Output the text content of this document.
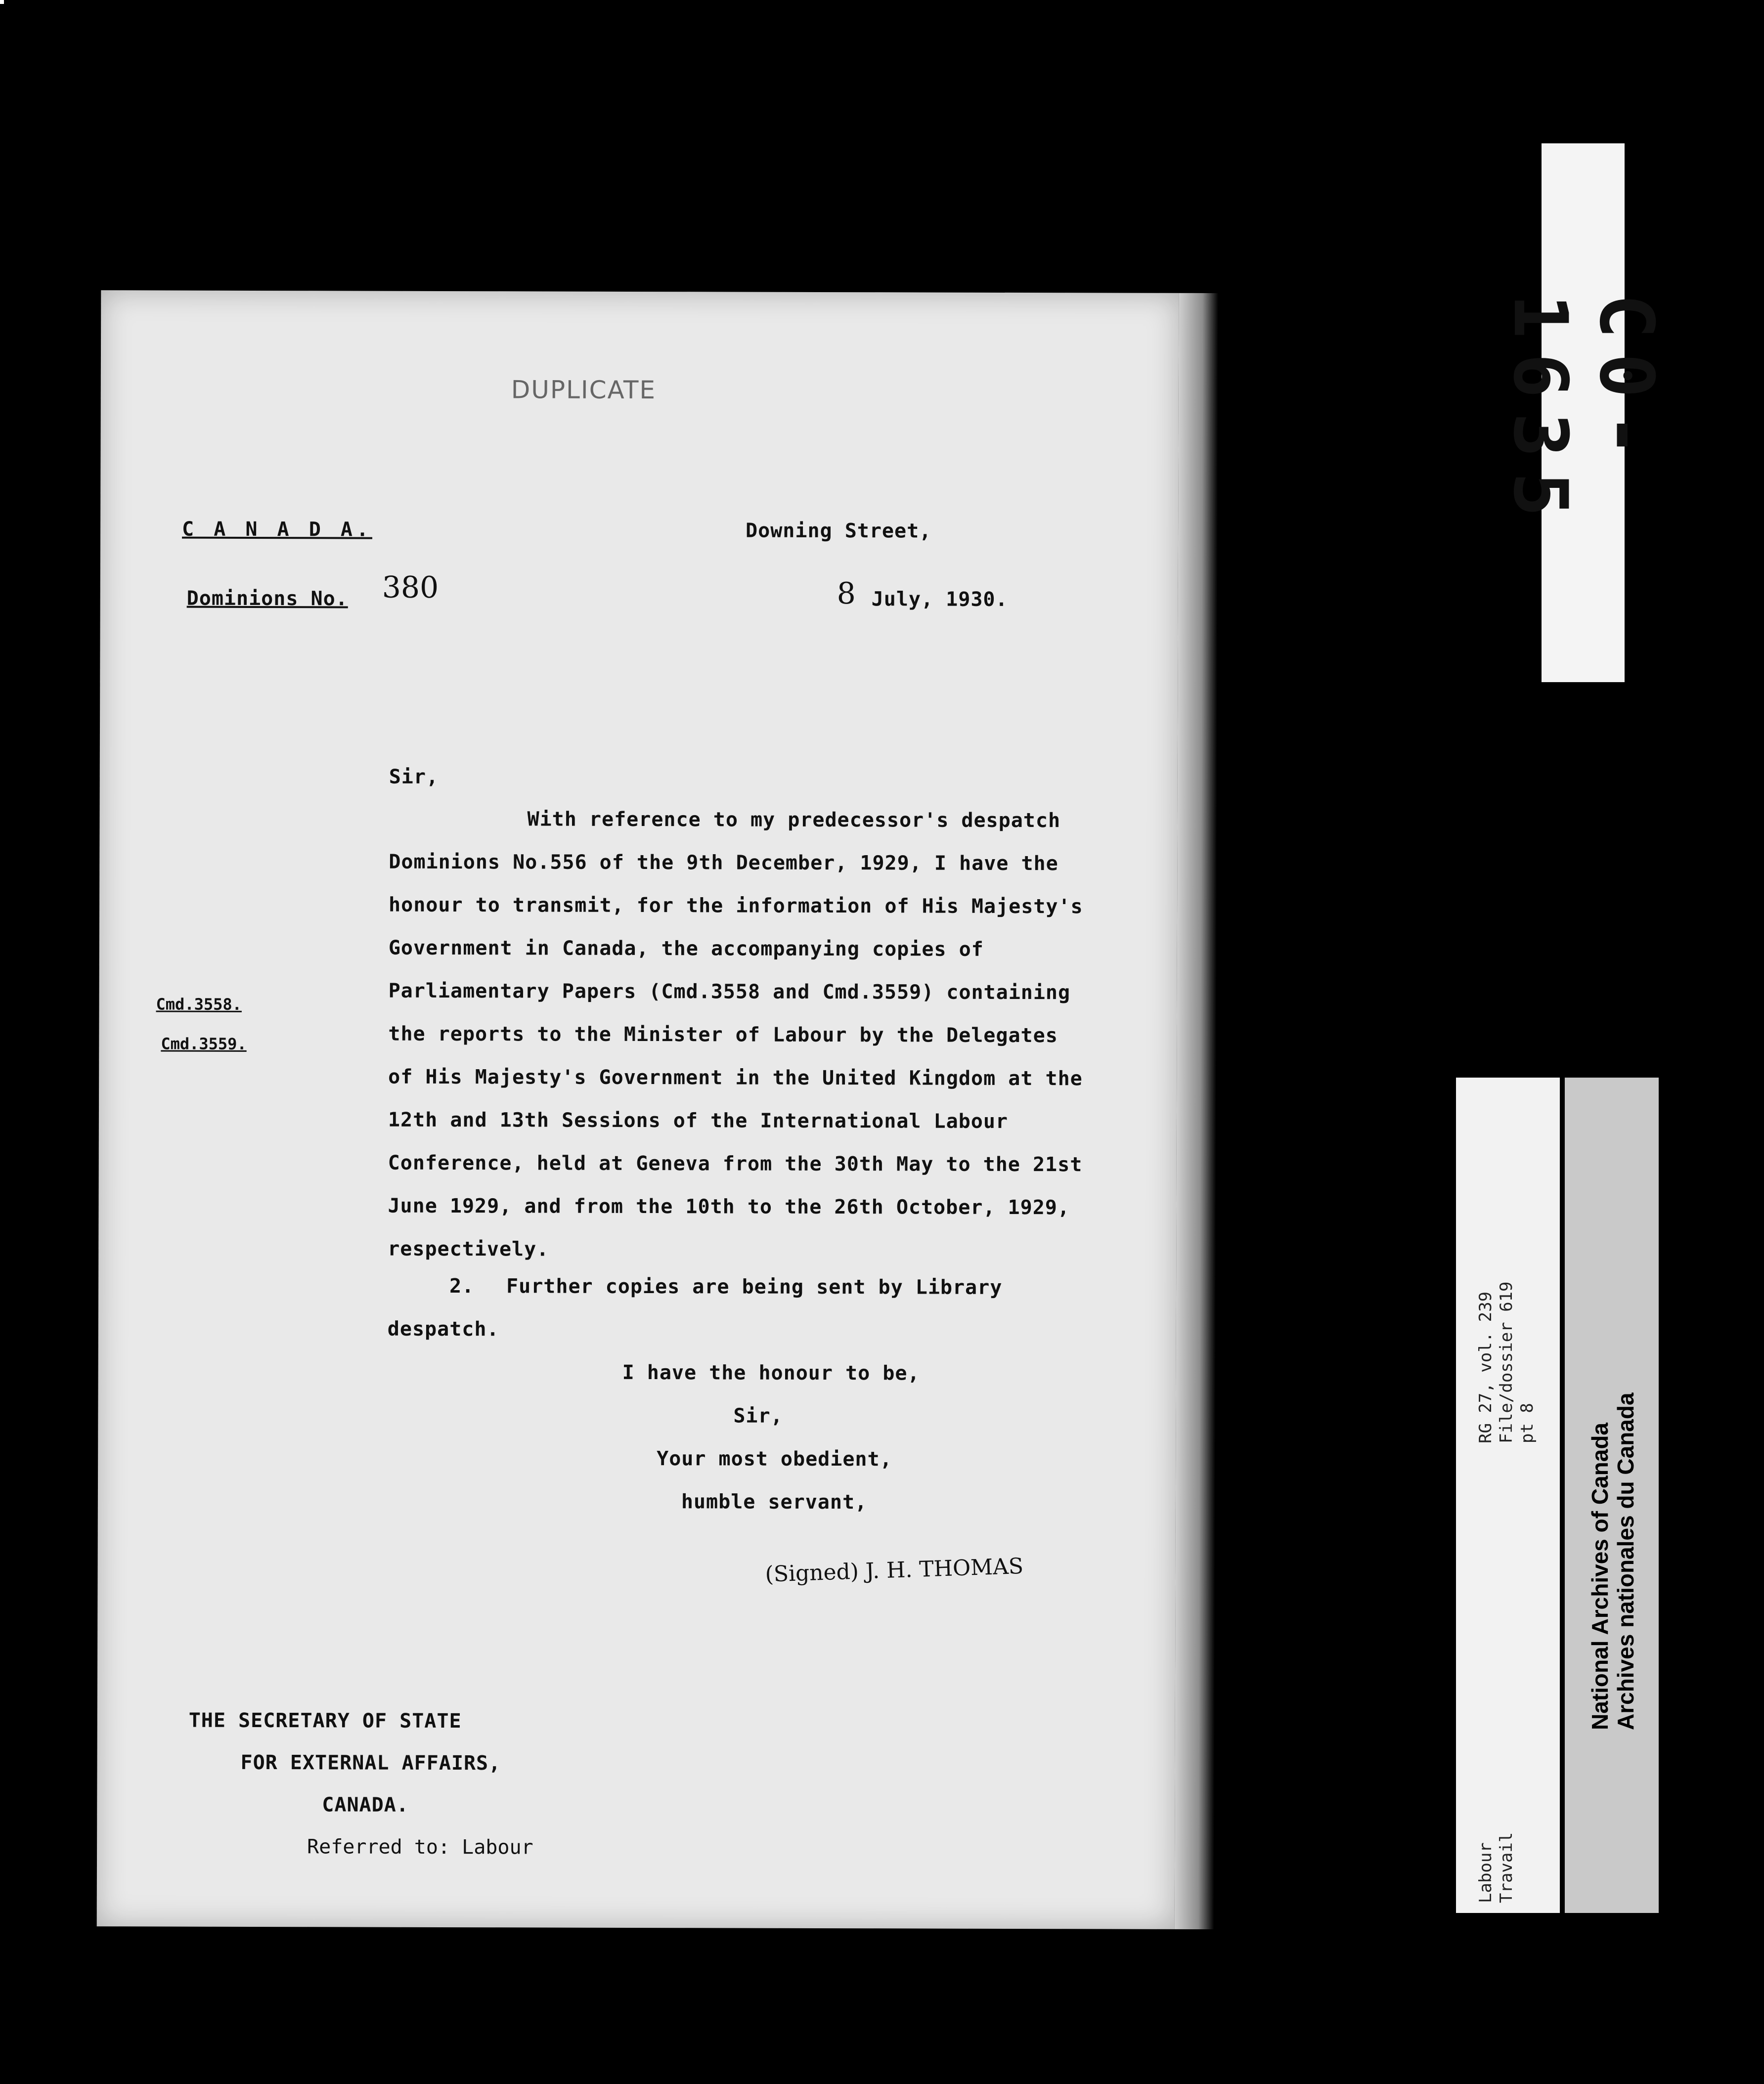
DUPLICATE
C A N A D A.
Dominions No. 380
Downing Street,
8 July, 1930.
Sir,
With reference to my predecessor's despatch
Dominions No.556 of the 9th December, 1929, I have the
honour to transmit, for the information of His Majesty's
Government in Canada, the accompanying copies of
Parliamentary Papers (Cmd.3558 and Cmd.3559) containing
the reports to the Minister of Labour by the Delegates
of His Majesty's Government in the United Kingdom at the
12th and 13th Sessions of the International Labour
Conference, held at Geneva from the 30th May to the 21st
June 1929, and from the 10th to the 26th October, 1929,
respectively.
Cmd.3558.
Cmd.3559.
2. Further copies are being sent by Library
despatch.
I have the honour to be,
Sir,
Your most obedient,
humble servant,
(Signed) J. H. THOMAS
THE SECRETARY OF STATE
FOR EXTERNAL AFFAIRS,
CANADA.
Referred to: Labour
C0-1635
RG 27, vol. 239 File/dossier 619 pt 8
Labour Travail
National Archives of Canada Archives nationales du Canada
